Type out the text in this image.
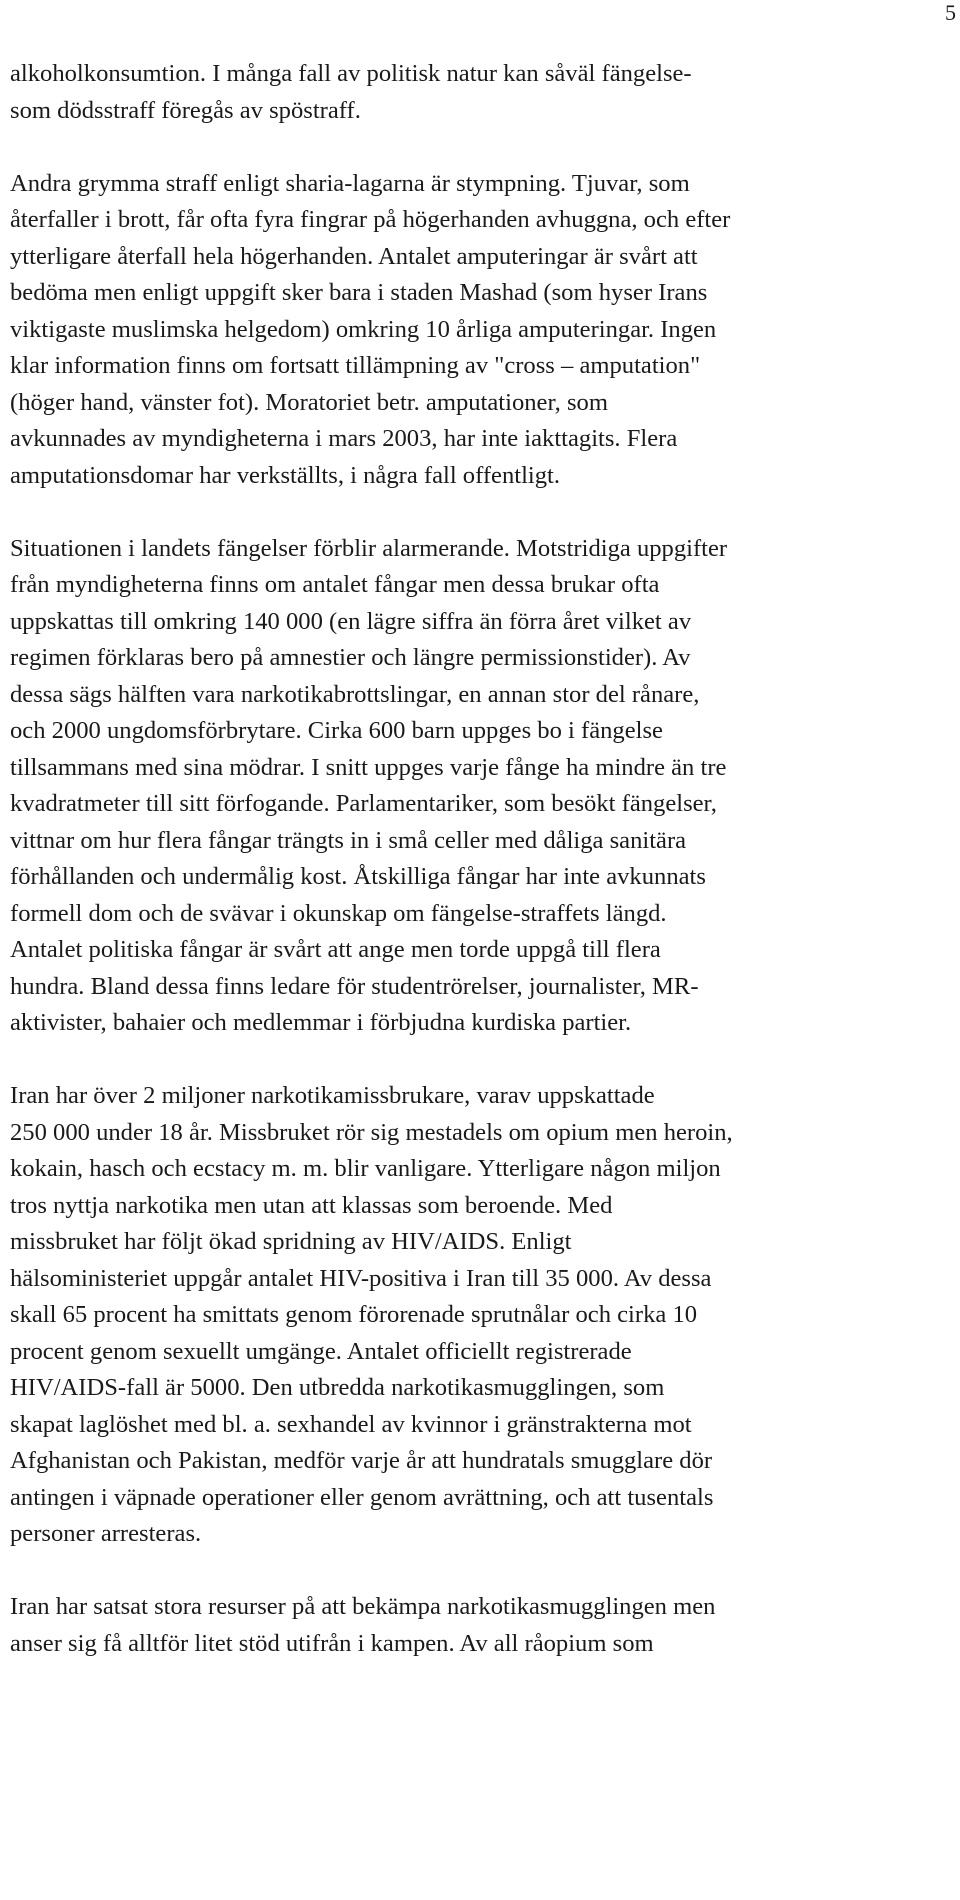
5

alkoholkonsumtion. I många fall av politisk natur kan såväl fängelse-
som dödsstraff föregås av spöstraff.

Andra grymma straff enligt sharia-lagarna är stympning. Tjuvar, som
återfaller i brott, får ofta fyra fingrar på högerhanden avhuggna, och efter
ytterligare återfall hela högerhanden. Antalet amputeringar är svårt att
bedöma men enligt uppgift sker bara i staden Mashad (som hyser Irans
viktigaste muslimska helgedom) omkring 10 årliga amputeringar. Ingen
klar information finns om fortsatt tillämpning av "cross – amputation"
(höger hand, vänster fot). Moratoriet betr. amputationer, som
avkunnades av myndigheterna i mars 2003, har inte iakttagits. Flera
amputationsdomar har verkställts, i några fall offentligt.

Situationen i landets fängelser förblir alarmerande. Motstridiga uppgifter
från myndigheterna finns om antalet fångar men dessa brukar ofta
uppskattas till omkring 140 000 (en lägre siffra än förra året vilket av
regimen förklaras bero på amnestier och längre permissionstider). Av
dessa sägs hälften vara narkotikabrottslingar, en annan stor del rånare,
och 2000 ungdomsförbrytare. Cirka 600 barn uppges bo i fängelse
tillsammans med sina mödrar. I snitt uppges varje fånge ha mindre än tre
kvadratmeter till sitt förfogande. Parlamentariker, som besökt fängelser,
vittnar om hur flera fångar trängts in i små celler med dåliga sanitära
förhållanden och undermålig kost. Åtskilliga fångar har inte avkunnats
formell dom och de svävar i okunskap om fängelse-straffets längd.
Antalet politiska fångar är svårt att ange men torde uppgå till flera
hundra. Bland dessa finns ledare för studentrörelser, journalister, MR-
aktivister, bahaier och medlemmar i förbjudna kurdiska partier.

Iran har över 2 miljoner narkotikamissbrukare, varav uppskattade
250 000 under 18 år. Missbruket rör sig mestadels om opium men heroin,
kokain, hasch och ecstacy m. m. blir vanligare. Ytterligare någon miljon
tros nyttja narkotika men utan att klassas som beroende. Med
missbruket har följt ökad spridning av HIV/AIDS. Enligt
hälsoministeriet uppgår antalet HIV-positiva i Iran till 35 000. Av dessa
skall 65 procent ha smittats genom förorenade sprutnålar och cirka 10
procent genom sexuellt umgänge. Antalet officiellt registrerade
HIV/AIDS-fall är 5000. Den utbredda narkotikasmugglingen, som
skapat laglöshet med bl. a. sexhandel av kvinnor i gränstrakterna mot
Afghanistan och Pakistan, medför varje år att hundratals smugglare dör
antingen i väpnade operationer eller genom avrättning, och att tusentals
personer arresteras.

Iran har satsat stora resurser på att bekämpa narkotikasmugglingen men
anser sig få alltför litet stöd utifrån i kampen. Av all råopium som
